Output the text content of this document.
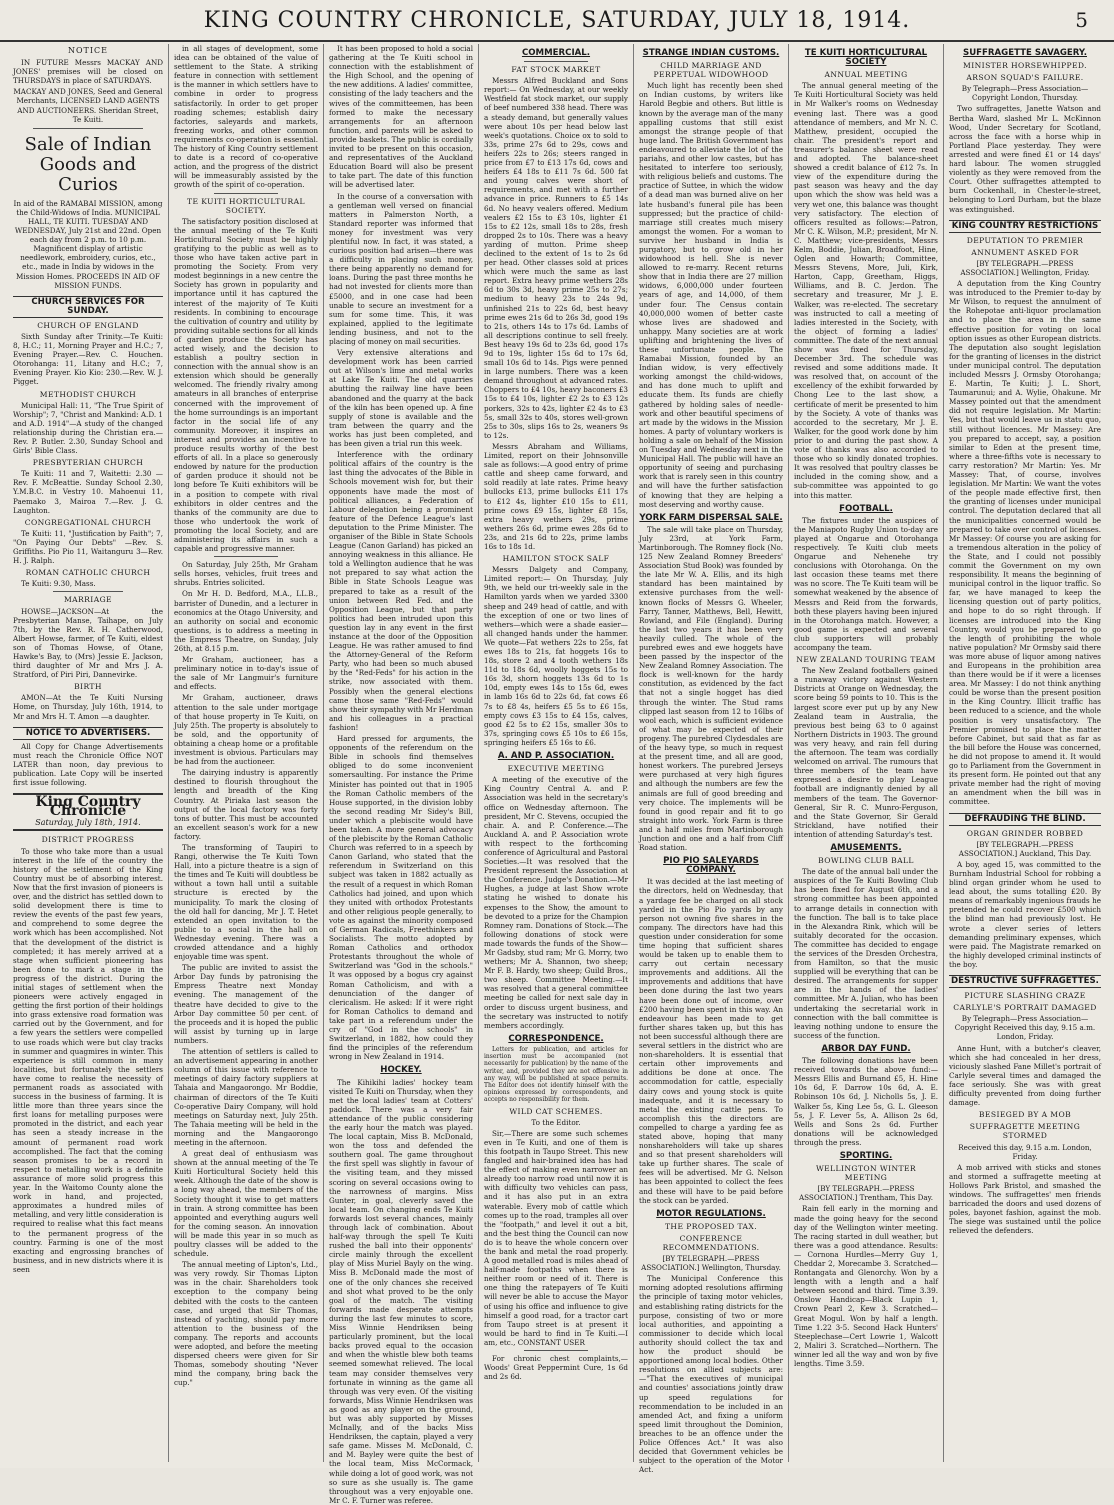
KING COUNTRY CHRONICLE, SATURDAY, JULY 18, 1914.	5
NOTICE

IN FUTURE Messrs MACKAY AND JONES' premises will be closed on THURSDAYS in place of SATURDAYS.

MACKAY AND JONES, Seed and General Merchants, LICENSED LAND AGENTS AND AUCTIONEERS. Sheridan Street, Te Kuiti.

Sale of Indian Goods and Curios

In aid of the RAMABAI MISSION, among the Child-Widows of India. MUNICIPAL HALL, TE KUITI. TUESDAY AND WEDNESDAY, July 21st and 22nd. Open each day from 2 p.m. to 10 p.m. Magnificent display of artistic needlework, embroidery, curios, etc., etc., made in India by widows in the Mission Homes. PROCEEDS IN AID OF MISSION FUNDS.

CHURCH SERVICES FOR SUNDAY.
CHURCH OF ENGLAND

Sixth Sunday after Trinity.—Te Kuiti: 8, H.C.; 11, Morning Prayer and H.C.; 7, Evening Prayer.—Rev. C. Houchen. Otorohanga: 11, Litany and H.C.; 7, Evening Prayer. Kio Kio: 230.—Rev. W. J. Pigget.

METHODIST CHURCH

Municipal Hall: 11, "The True Spirit of Worship"; 7, "Christ and Mankind: A.D. 1 and A.D. 1914"—A study of the changed relationship during the Christian era.—Rev. P. Butler. 2.30, Sunday School and Girls' Bible Class.

PRESBYTERIAN CHURCH

Te Kuiti: 11 and 7, Waitetti: 2.30 —Rev. F. McBeattie. Sunday School 2.30, Y.M.B.C. in Vestry 10. Mahoenui 11, Paemako 3, Mairoa 7.—Rev. J. G. Laughton.

CONGREGATIONAL CHURCH

Te Kuiti: 11, "Justification by Faith"; 7, "On Paying Our Debts" —Rev. S. Griffiths. Pio Pio 11, Waitanguru 3—Rev. H. J. Ralph.

ROMAN CATHOLIC CHURCH

Te Kuiti: 9.30, Mass.

MARRIAGE

HOWSE—JACKSON—At the Presbyterian Manse, Taihape, on July 7th, by the Rev. R. H. Catherwood, Albert Howse, farmer, of Te Kuiti, eldest son of Thomas Howse, of Otane, Hawke's Bay, to (Mrs) Jessie E. Jackson, third daughter of Mr and Mrs J. A. Stratford, of Piri Piri, Dannevirke.

BIRTH

AMON—At the Te Kuiti Nursing Home, on Thursday, July 16th, 1914, to Mr and Mrs H. T. Amon —a daughter.

NOTICE TO ADVERTISERS.

All Copy for Change Advertisements must reach the Chronicle Office NOT LATER than noon, day previous to publication. Late Copy will be inserted first issue following.

King Country Chronicle
Saturday, July 18th, 1914.
DISTRICT PROGRESS

To those who take more than a usual interest in the life of the country the history of the settlement of the King Country must be of absorbing interest. Now that the first invasion of pioneers is over, and the district has settled down to solid development there is time to review the events of the past few years, and comprehend to some degree the work which has been accomplished. Not that the development of the district is completed; it has merely arrived at a stage when sufficient pioneering has been done to mark a stage in the progress of the district. During the initial stages of settlement when the pioneers were actively engaged in getting the first portion of their holdings into grass extensive road formation was carried out by the Government, and for a few years the settlers were compelled to use roads which were but clay tracks in summer and quagmires in winter. This experience is still common in many localities, but fortunately the settlers have come to realise the necessity of permanent roads as associated with success in the business of farming. It is little more than three years since the first loans for metalling purposes were promoted in the district, and each year has seen a steady increase in the amount of permanent road work accomplished. The fact that the coming season promises to be a record in respect to metalling work is a definite assurance of more solid progress this year. In the Waitomo County alone the work in hand, and projected, approximates a hundred miles of metalling, and very little consideration is required to realise what this fact means to the permanent progress of the country. Farming is one of the most exacting and engrossing branches of business, and in new districts where it is seen

in all stages of development, some idea can be obtained of the value of settlement to the State. A striking feature in connection with settlement is the manner in which settlers have to combine in order to progress satisfactorily. In order to get proper roading schemes; establish dairy factories, saleyards and markets, freezing works, and other common requirements co-operation is essential. The history of King Country settlement to date is a record of co-operative action, and the progress of the district will be immeasurably assisted by the growth of the spirit of co-operation.

TE KUITI HORTICULTURAL SOCIETY.

The satisfactory position disclosed at the annual meeting of the Te Kuiti Horticultural Society must be highly gratifying to the public as well as to those who have taken active part in promoting the Society. From very modest beginnings in a new centre the Society has grown in popularity and importance until it has captured the interest of the majority of Te Kuiti residents. In combining to encourage the cultivation of country and utility by providing suitable sections for all kinds of garden produce the Society has acted wisely, and the decision to establish a poultry section in connection with the annual show is an extension which should be generally welcomed. The friendly rivalry among amateurs in all branches of enterprise concerned with the improvement of the home surroundings is an important factor in the social life of any community. Moreover, it inspires an interest and provides an incentive to produce results worthy of the best efforts of all. In a place so generously endowed by nature for the production of garden produce it should not be long before Te Kuiti exhibitors will be in a position to compete with rival exhibitors in older centres and the thanks of the community are due to those who undertook the work of promoting the local Society, and are administering its affairs in such a capable and progressive manner.

On Saturday, July 25th, Mr Graham sells horses, vehicles, fruit trees and shrubs. Entries solicited.

On Mr H. D. Bedford, M.A., LL.B., barrister of Dunedin, and a lecturer in economics at the Otago University, and an authority on social and economic questions, is to address a meeting in the Empress Theatre, on Sunday, July 26th, at 8.15 p.m.

Mr Graham, auctioneer, has a preliminary notice in to-day's issue of the sale of Mr Langmuir's furniture and effects.

Mr Graham, auctioneer, draws attention to the sale under mortgage of that house property in Te Kuiti, on July 25th. The property is absolutely to be sold, and the opportunity of obtaining a cheap home or a profitable investment is obvious. Particulars may be had from the auctioneer.

The dairying industry is apparently destined to flourish throughout the length and breadth of the King Country. At Piriaka last season the output of the local factory was forty tons of butter. This must be accounted an excellent season's work for a new factory.

The transforming of Taupiri to Rangi, otherwise the Te Kuiti Town Hall, into a picture theatre is a sign of the times and Te Kuiti will doubtless be without a town hall until a suitable structure is erected by the municipality. To mark the closing of the old hall for dancing, Mr J. T. Hetet extended an open invitation to the public to a social in the hall on Wednesday evening. There was a crowded attendance and a highly enjoyable time was spent.

The public are invited to assist the Arbor Day funds by patronising the Empress Theatre next Monday evening. The management of the theatre have decided to give to the Arbor Day committee 50 per cent. of the proceeds and it is hoped the public will assist by turning up in large numbers.

The attention of settlers is called to an advertisement appearing in another column of this issue with reference to meetings of dairy factory suppliers at Tahaia and Mangaorongo. Mr Boddie, chairman of directors of the Te Kuiti Co-operative Dairy Company, will hold meetings on Saturday next, July 25th. The Tahaia meeting will be held in the morning and the Mangaorongo meeting in the afternoon.

A great deal of enthusiasm was shown at the annual meeting of the Te Kuiti Horticultural Society held this week. Although the date of the show is a long way ahead, the members of the Society thought it wise to get matters in train. A strong committee has been appointed and everything augurs well for the coming season. An innovation will be made this year in so much as poultry classes will be added to the schedule.

The annual meeting of Lipton's, Ltd., was very rowdy. Sir Thomas Lipton was in the chair. Shareholders took exception to the company being debited with the costs to the canteen case, and urged that Sir Thomas, instead of yachting, should pay more attention to the business of the company. The reports and accounts were adopted, and before the meeting dispersed cheers were given for Sir Thomas, somebody shouting "Never mind the company, bring back the cup."

It has been proposed to hold a social gathering at the Te Kuiti school in connection with the establishment of the High School, and the opening of the new additions. A ladies' committee, consisting of the lady teachers and the wives of the committeemen, has been formed to make the necessary arrangements for an afternoon function, and parents will be asked to provide baskets. The public is cordially invited to be present on this occasion, and representatives of the Auckland Education Board will also be present to take part. The date of this function will be advertised later.

In the course of a conversation with a gentleman well versed on financial matters in Palmerston North, a Standard reporter was informed that money for investment was very plentiful now. In fact, it was stated, a curious position had arisen—there was a difficulty in placing such money, there being apparently no demand for loans. During the past three months he had not invested for clients more than £5000, and in one case had been unable to secure an investment for a sum for some time. This, it was explained, applied to the legitimate lending business, and not to the placing of money on mail securities.

Very extensive alterations and development work has been carried out at Wilson's lime and metal works at Lake Te Kuiti. The old quarries abutting the railway line have been abandoned and the quarry at the back of the kiln has been opened up. A fine supply of stone is available and the tram between the quarry and the works has just been completed, and has been given a trial run this week.

Interference with the ordinary political affairs of the country is the last thing the advocates of the Bible in Schools movement wish for, but their opponents have made the most of political alliances, a Federation of Labour delegation being a prominent feature of the Defence League's last deputation to the Prime Minister. The organiser of the Bible in State Schools League (Canon Garland) has picked an annoying weakness in this alliance. He told a Wellington audience that he was not prepared to say what action the Bible in State Schools League was prepared to take as a result of the union between Red Fed. and the Opposition League, but that party politics had been intruded upon this question lay in any event in the first instance at the door of the Opposition League. He was rather amused to find the Attorney-General of the Reform Party, who had been so much abused by the "Red-Feds" for his action in the strike, now associated with them. Possibly when the general elections came those same "Red-Feds" would show their sympathy with Mr Herdman and his colleagues in a practical fashion!

Hard pressed for arguments, the opponents of the referendum on the Bible in schools find themselves obliged to do some inconvenient somersaulting. For instance the Prime Minister has pointed out that in 1905 the Roman Catholic members of the House supported, in the division lobby the second reading Mr Sidey's Bill, under which a plebiscite would have been taken. A more general advocacy of the plebiscite by the Roman Catholic Church was referred to in a speech by Canon Garland, who stated that the referendum in Switzerland on this subject was taken in 1882 actually as the result of a request in which Roman Catholics had joined, and upon which they united with orthodox Protestants and other religious people generally, to vote as against the minority composed of German Radicals, Freethinkers and Socialists. The motto adopted by Roman Catholics and orthodox Protestants throughout the whole of Switzerland was "God in the schools." It was opposed by a bogus cry against Roman Catholicism, and with a denunciation of the danger of clericalism. He asked: If it were right for Roman Catholics to demand and take part in a referendum under the cry of "God in the schools" in Switzerland, in 1882, how could they find the principles of the referendum wrong in New Zealand in 1914.

HOCKEY.

The Kihikihi ladies' hockey team visited Te Kuiti on Thursday, when they met the local ladies' team at Cotters' paddock. There was a very fair attendance of the public considering the early hour the match was played. The local captain, Miss B. McDonald, won the toss and defended the southern goal. The game throughout the first spell was slightly in favour of the visiting team, and they missed scoring on several occasions owing to the narrowness of margins. Miss Gunter, in goal, cleverly saved the local team. On changing ends Te Kuiti forwards lost several chances, mainly through lack of combination. About half-way through the spell Te Kuiti rushed the ball into their opponents' circle mainly through the excellent play of Miss Muriel Bayly on the wing. Miss B. McDonald made the most of one of the only chances she received and shot what proved to be the only goal of the match. The visiting forwards made desperate attempts during the last few minutes to score, Miss Winnie Hendriksen being particularly prominent, but the local backs proved equal to the occasion and when the whistle blew both teams seemed somewhat relieved. The local team may consider themselves very fortunate in winning as the game all through was very even. Of the visiting forwards, Miss Winnie Hendriksen was as good as any player on the ground, but was ably supported by Misses McInally, and of the backs Miss Hendriksen, the captain, played a very safe game. Misses M. McDonald, C. and M. Bayley were quite the best of the local team, Miss McCormack, while doing a lot of good work, was not so sure as she usually is. The game throughout was a very enjoyable one. Mr C. F. Turner was referee.

COMMERCIAL.
FAT STOCK MARKET

Messrs Alfred Buckland and Sons report:— On Wednesday, at our weekly Westfield fat stock market, our supply of beef numbered 338 head. There was a steady demand, but generally values were about 10s per head below last week's quotations. Choice ox to sold to 33s, prime 27s 6d to 29s, cows and heifers 22s to 26s; steers ranged in price from £7 to £13 17s 6d, cows and heifers £4 18s to £11 7s 6d. 500 fat and young calves were short of requirements, and met with a further advance in price. Runners to £5 14s 6d. No heavy vealers offered. Medium vealers £2 15s to £3 10s, lighter £1 15s to £2 12s, small 18s to 28s, fresh dropped 2s to 10s. There was a heavy yarding of mutton. Prime sheep declined to the extent of 1s to 2s 6d per head. Other classes sold at prices which were much the same as last report. Extra heavy prime wethers 28s 6d to 30s 3d, heavy prime 25s to 27s; medium to heavy 23s to 24s 9d, unfinished 21s to 22s 6d, best heavy prime ewes 21s 6d to 26s 3d, good 19s to 21s, others 14s to 17s 6d. Lambs of all descriptions continue to sell freely. Best heavy 19s 6d to 23s 6d, good 17s 9d to 19s, lighter 15s 6d to 17s 6d, small 10s 6d to 14s. Pigs were penned in large numbers. There was a keen demand throughout at advanced rates. Choppers to £4 10s, heavy baconers £3 15s to £4 10s, lighter £2 2s to £3 12s porkers, 32s to 42s, lighter £2 4s to £3 5s, small 32s to 40s, stores well-grown 25s to 30s, slips 16s to 2s, weaners 9s to 12s.

Messrs Abraham and Williams, Limited, report on their Johnsonville sale as follows:—A good entry of prime cattle and sheep came forward, and sold readily at late rates. Prime heavy bullocks £13, prime bullocks £11 17s to £12 4s, lighter £10 15s to £11, prime cows £9 15s, lighter £8 15s, extra heavy wethers 29s, prime wethers 26s 6d, prime ewes 28s 6d to 23s, and 21s 6d to 22s, prime lambs 16s to 18s 1d.

HAMILTON STOCK SALF

Messrs Dalgety and Company, Limited report:— On Thursday, July 9th, we held our tri-weekly sale in the Hamilton yards when we yarded 3300 sheep and 249 head of cattle, and with the exception of one or two lines of wethers—which were a shade easier—all changed hands under the hammer. We quote—Fat wethers 22s to 25s, fat ewes 18s to 21s, fat hoggets 16s to 18s, store 2 and 4 tooth wethers 18s 11d to 18s 6d, woolly hoggets 15s to 16s 3d, shorn hoggets 13s 6d to 1s 10d, empty ewes 14s to 15s 6d, ewes in lamb 16s 6d to 22s 6d, fat cows £6 7s to £8 4s, heifers £5 5s to £6 15s, empty cows £3 15s to £4 15s, calves, good £2 5s to £2 15s, smaller 30s to 37s, springing cows £5 10s to £6 15s, springing heifers £5 16s to £6.

A. AND P. ASSOCIATION.
EXECUTIVE MEETING

A meeting of the executive of the King Country Central A. and P. Association was held in the secretary's office on Wednesday afternoon. The president, Mr C. Stevens, occupied the chair. A. and P. Conference.—The Auckland A. and P. Association wrote with respect to the forthcoming conference of Agricultural and Pastoral Societies.—It was resolved that the President represent the Association at the Conference. Judge's Donation.—Mr Hughes, a judge at last Show wrote stating he wished to donate his expenses to the Show, the amount to be devoted to a prize for the Champion Romney ram. Donations of Stock.—The following donations of stock were made towards the funds of the Show—Mr Gadsby, stud ram; Mr G. Morry, two wethers; Mr A. Shannon, two sheep; Mr F. B. Hardy, two sheep; Guild Bros., two sheep. Committee Meeting.—It was resolved that a general committee meeting be called for next sale day in order to discuss urgent business, and the secretary was instructed to notify members accordingly.

CORRESPONDENCE.

Letters for publication, and articles for insertion must be accompanied (not necessarily for publication) by the name of the writer, and, provided they are not offensive in any way, will be published at space permits. The Editor does not identify himself with the opinions expressed by correspondents, and accepts no responsibility for them.

WILD CAT SCHEMES.
To the Editor.

Sir,—There are some such schemes even in Te Kuiti, and one of them is this footpath in Taupo Street. This new fangled and hair-brained idea has had the effect of making even narrower an already too narrow road until now it is with difficulty two vehicles can pass, and it has also put in an extra waterable. Every mob of cattle which comes up to the road, tramples all over the "footpath," and level it out a bit, and the best thing the Council can now do is to heave the whole concern over the bank and metal the road properly. A good metalled road is miles ahead of half-made footpaths when there is neither room or need of it. There is one thing the ratepayers of Te Kuiti will never be able to accuse the Mayor of using his office and influence to give himself a good road, for a tractor cart from Taupo street is at present it would be hard to find in Te Kuiti.—I am, etc., CONSTANT USER

For chronic chest complaints,—Woods' Great Peppermint Cure, 1s 6d and 2s 6d.

STRANGE INDIAN CUSTOMS.
CHILD MARRIAGE AND PERPETUAL WIDOWHOOD

Much light has recently been shed on Indian customs, by writers like Harold Begbie and others. But little is known by the average man of the many appalling customs that still exist amongst the strange people of that huge land. The British Government has endeavoured to alleviate the lot of the pariahs, and other low castes, but has hesitated to interfere too seriously, with religious beliefs and customs. The practice of Suttee, in which the widow of a dead man was burned alive on her late husband's funeral pile has been suppressed; but the practice of child-marriage still creates much misery amongst the women. For a woman to survive her husband in India is purgatory, but to grow old in her widowhood is hell. She is never allowed to re-marry. Recent returns show that in India there are 27 million widows, 6,000,000 under fourteen years of age, and 14,000, of them under four. The Census contain 40,000,000 women of better caste whose lives are shadowed and unhappy. Many societies are at work uplifting and brightening the lives of these unfortunate people. The Ramabai Mission, founded by an Indian widow, is very effectively working amongst the child-widows, and has done much to uplift and educate them. Its funds are chiefly gathered by holding sales of needle-work and other beautiful specimens of art made by the widows in the Mission homes. A party of voluntary workers is holding a sale on behalf of the Mission on Tuesday and Wednesday next in the Municipal Hall. The public will have an opportunity of seeing and purchasing work that is rarely seen in this country and will have the further satisfaction of knowing that they are helping a most deserving and worthy cause.

YORK FARM DISPERSAL SALE.

The sale will take place on Thursday, July 23rd, at York Farm, Martinborough. The Romney flock (No. 125 New Zealand Romney Breeders' Association Stud Book) was founded by the late Mr W. A. Ellis, and its high standard has been maintained by extensive purchases from the well-known flocks of Messrs G. Wheeler, Farry, Tanner, Matthews, Bell, Hewitt, Rowland, and File (England). During the last two years it has been very heavily culled. The whole of the purebred ewes and ewe hoggets have been passed by the inspector of the New Zealand Romney Association. The flock is well-known for the hardy constitution, as evidenced by the fact that not a single hogget has died through the winter. The Stud rams clipped last season from 12 to 16lbs of wool each, which is sufficient evidence of what may be expected of their progeny. The purebred Clydesdales are of the heavy type, so much in request at the present time, and all are good, honest workers. The purebred Jerseys were purchased at very high figures and although the numbers are few the animals are full of good breeding and very choice. The implements will be found in good repair and fit to go straight into work. York Farm is three and a half miles from Martinborough Junction and one and a half from Cliff Road station.

PIO PIO SALEYARDS COMPANY.

It was decided at the last meeting of the directors, held on Wednesday, that a yardage fee be charged on all stock yarded in the Pio Pio yards by any person not owning five shares in the company. The directors have had this question under consideration for some time hoping that sufficient shares would be taken up to enable them to carry out certain necessary improvements and additions. All the improvements and additions that have been done during the last two years have been done out of income, over £200 having been spent in this way. An endeavour has been made to get further shares taken up, but this has not been successful although there are several settlers in the district who are non-shareholders. It is essential that certain other improvements and additions be done at once. The accommodation for cattle, especially dairy cows and young stock is quite inadequate, and it is necessary to metal the existing cattle pens. To accomplish this the directors are compelled to charge a yarding fee as stated above, hoping that many nonshareholders will take up shares and so that present shareholders will take up further shares. The scale of fees will be advertised. Mr G. Nelson has been appointed to collect the fees and these will have to be paid before the stock can be yarded.

MOTOR REGULATIONS.
THE PROPOSED TAX.
CONFERENCE RECOMMENDATIONS.
[BY TELEGRAPH.—PRESS ASSOCIATION.] Wellington, Thursday.

The Municipal Conference this morning adopted resolutions affirming the principle of taxing motor vehicles, and establishing rating districts for the purpose, consisting of two or more local authorities, and appointing a commissioner to decide which local authority should collect the tax and how the product should be apportioned among local bodies. Other resolutions on allied subjects are:—"That the executives of municipal and counties' associations jointly draw up speed regulations for recommendation to be included in an amended Act, and fixing a uniform speed limit throughout the Dominion, breaches to be an offence under the Police Offences Act." It was also decided that Government vehicles be subject to the operation of the Motor Act.

TE KUITI HORTICULTURAL SOCIETY
ANNUAL MEETING

The annual general meeting of the Te Kuiti Horticultural Society was held in Mr Walker's rooms on Wednesday evening last. There was a good attendance of members, and Mr N. C. Matthew, president, occupied the chair. The president's report and treasurer's balance sheet were read and adopted. The balance-sheet showed a credit balance of £12 7s. In view of the expenditure during the past season was heavy and the day upon which the show was held was a very wet one, this balance was thought very satisfactory. The election of officers resulted as follows:—Patron, Mr C. K. Wilson, M.P.; president, Mr N. C. Matthew; vice-presidents, Messrs Kelm, Boddie, Julian, Broadfoot, Hine, Oglen and Howarth; Committee, Messrs Stevens, More, Juli, Kirk, Harton, Capp, Greetham, Higgs, Williams, and B. C. Jerdon. The secretary and treasurer, Mr J. E. Walker, was re-elected. The secretary was instructed to call a meeting of ladies interested in the Society, with the object of forming a ladies' committee. The date of the next annual show was fixed for Thursday, December 3rd. The schedule was revised and some additions made. It was resolved that, on account of the excellency of the exhibit forwarded by Chong Lee to the last show, a certificate of merit be presented to him by the Society. A vote of thanks was accorded to the secretary, Mr J. E. Walker, for the good work done by him prior to and during the past show. A vote of thanks was also accorded to those who so kindly donated trophies. It was resolved that poultry classes be included in the coming show, and a sub-committee was appointed to go into this matter.

FOOTBALL.

The fixtures under the auspices of the Maniapoto Rugby Union to-day are played at Ongarue and Otorohanga respectively. Te Kuiti club meets Ongarue and Nehenehe try conclusions with Otorohanga. On the last occasion these teams met there was no score. The Te Kuiti team will be somewhat weakened by the absence of Messrs and Reid from the forwards, both these players having been injured in the Otorohanga match. However, a good game is expected and several club supporters will probably accompany the team.

NEW ZEALAND TOURING TEAM

The New Zealand footballers gained a runaway victory against Western Districts at Orange on Wednesday, the score being 59 points to 10. This is the largest score ever put up by any New Zealand team in Australia, the previous best being 63 to 0 against Northern Districts in 1903. The ground was very heavy, and rain fell during the afternoon. The team was cordially welcomed on arrival. The rumours that three members of the team have expressed a desire to play League football are indignantly denied by all members of the team. The Governor-General, Sir R. C. Munro-Ferguson, and the State Governor, Sir Gerald Strickland, have notified their intention of attending Saturday's test.

AMUSEMENTS.
BOWLING CLUB BALL

The date of the annual ball under the auspices of the Te Kuiti Bowling Club has been fixed for August 6th, and a strong committee has been appointed to arrange details in connection with the function. The ball is to take place in the Alexandra Rink, which will be suitably decorated for the occasion. The committee has decided to engage the services of the Dresden Orchestra, from Hamilton, so that the music supplied will be everything that can be desired. The arrangements for supper are in the hands of the ladies' committee. Mr A. Julian, who has been undertaking the secretarial work in connection with the ball committee is leaving nothing undone to ensure the success of the function.

ARBOR DAY FUND.

The following donations have been received towards the above fund:—Messrs Ellis and Burnand £5, H. Hine 10s 6d, F. Darrow 10s 6d, A. E. Robinson 10s 6d, J. Nicholls 5s, J. E. Walker 5s, King Lee 5s, G. L. Gleeson 5s, J. F. Lever 5s, A. Allison 2s 6d, Wells and Sons 2s 6d. Further donations will be acknowledged through the press.

SPORTING.
WELLINGTON WINTER MEETING
[BY TELEGRAPH.—PRESS ASSOCIATION.] Trentham, This Day.

Rain fell early in the morning and made the going heavy for the second day of the Wellington winter meeting. The racing started in dull weather, but there was a good attendance. Results:— Cornona Hurdles—Merry Guy 1, Cheddar 2, Morecambe 3. Scratched—Rontangata and Glenorchy. Won by a length with a length and a half between second and third. Time 3.39. Onslow Handicap—Black Lupin 1, Crown Pearl 2, Kew 3. Scratched—Great Mogul. Won by half a length. Time 1.22 3-5. Second Hack Hunters' Steeplechase—Cert Lowrie 1, Walcott 2, Maliri 3. Scratched—Northern. The winner led all the way and won by five lengths. Time 3.59.

SUFFRAGETTE SAVAGERY.
MINISTER HORSEWHIPPED.
ARSON SQUAD'S FAILURE.
By Telegraph—Press Association—Copyright London, Thursday.

Two suffragettes, Janette Watson and Bertha Ward, slashed Mr L. McKinnon Wood, Under Secretary for Scotland, across the face with a horse whip in Portland Place yesterday. They were arrested and were fined £1 or 14 days' hard labour. The women struggled violently as they were removed from the Court. Other suffragettes attempted to burn Cockenhall, in Chester-le-street, belonging to Lord Durham, but the blaze was extinguished.

KING COUNTRY RESTRICTIONS
DEPUTATION TO PREMIER
ANNUMENT ASKED FOR
[BY TELEGRAPH.—PRESS ASSOCIATION.] Wellington, Friday.

A deputation from the King Country was introduced to the Premier to-day by Mr Wilson, to request the annulment of the Rohepotae anti-liquor proclamation and to place the area in the same effective position for voting on local option issues as other European districts. The deputation also sought legislation for the granting of licenses in the district under municipal control. The deputation included Messrs J. Ormsby Otorohanga; E. Martin, Te Kuiti; J. L. Short, Taumarunui; and A. Wylie, Ohakune. Mr Massey pointed out that the amendment did not require legislation. Mr Martin: Yes, but that would leave us in statu quo, still without licences. Mr Massey: Are you prepared to accept, say, a position similar to Eden at the present time, where a three-fifths vote is necessary to carry restoration? Mr Martin: Yes. Mr Massey: That, of course, involves legislation. Mr Martin: We want the votes of the people made effective first, then the granting of licenses under municipal control. The deputation declared that all the municipalities concerned would be prepared to take over control of licenses. Mr Massey: Of course you are asking for a tremendous alteration in the policy of the State, and I could not possibly commit the Government on my own responsibility. It means the beginning of municipal control in the liquor traffic. So far, we have managed to keep the licensing question out of party politics, and hope to do so right through. If licenses are introduced into the King Country, would you be prepared to go the length of prohibiting the whole native population? Mr Ormsby said there was more abuse of liquor among natives and Europeans in the prohibition area than there would be if it were a licenses area. Mr Massey: I do not think anything could be worse than the present position in the King Country. Illicit traffic has been reduced to a science, and the whole position is very unsatisfactory. The Premier promised to place the matter before Cabinet, but said that as far as the bill before the House was concerned, he did not propose to amend it. It would go to Parliament from the Government in its present form. He pointed out that any private member had the right of moving an amendment when the bill was in committee.

DEFRAUDING THE BLIND.
ORGAN GRINDER ROBBED
[BY TELEGRAPH.—PRESS ASSOCIATION.] Auckland, This Day.

A boy, aged 15, was committed to the Burnham Industrial School for robbing a blind organ grinder whom he used to lead about, the sums totalling £20. By means of remarkably ingenious frauds he pretended he could recover £500 which the blind man had previously lost. He wrote a clever series of letters demanding preliminary expenses, which were paid. The Magistrate remarked on the highly developed criminal instincts of the boy.

DESTRUCTIVE SUFFRAGETTES.
PICTURE SLASHING CRAZE
CARLYLE'S PORTRAIT DAMAGED
By Telegraph—Press Association—Copyright Received this day, 9.15 a.m. London, Friday.

Anne Hunt, with a butcher's cleaver, which she had concealed in her dress, viciously slashed Fane Millet's portrait of Carlyle several times and damaged the face seriously. She was with great difficulty prevented from doing further damage.

BESIEGED BY A MOB
SUFFRAGETTE MEETING STORMED
Received this day, 9.15 a.m. London, Friday.

A mob arrived with sticks and stones and stormed a suffragette meeting at Hollows Park Bristol, and smashed the windows. The suffragettes' men friends barricaded the doors and used dozens of poles, bayonet fashion, against the mob. The siege was sustained until the police relieved the defenders.
